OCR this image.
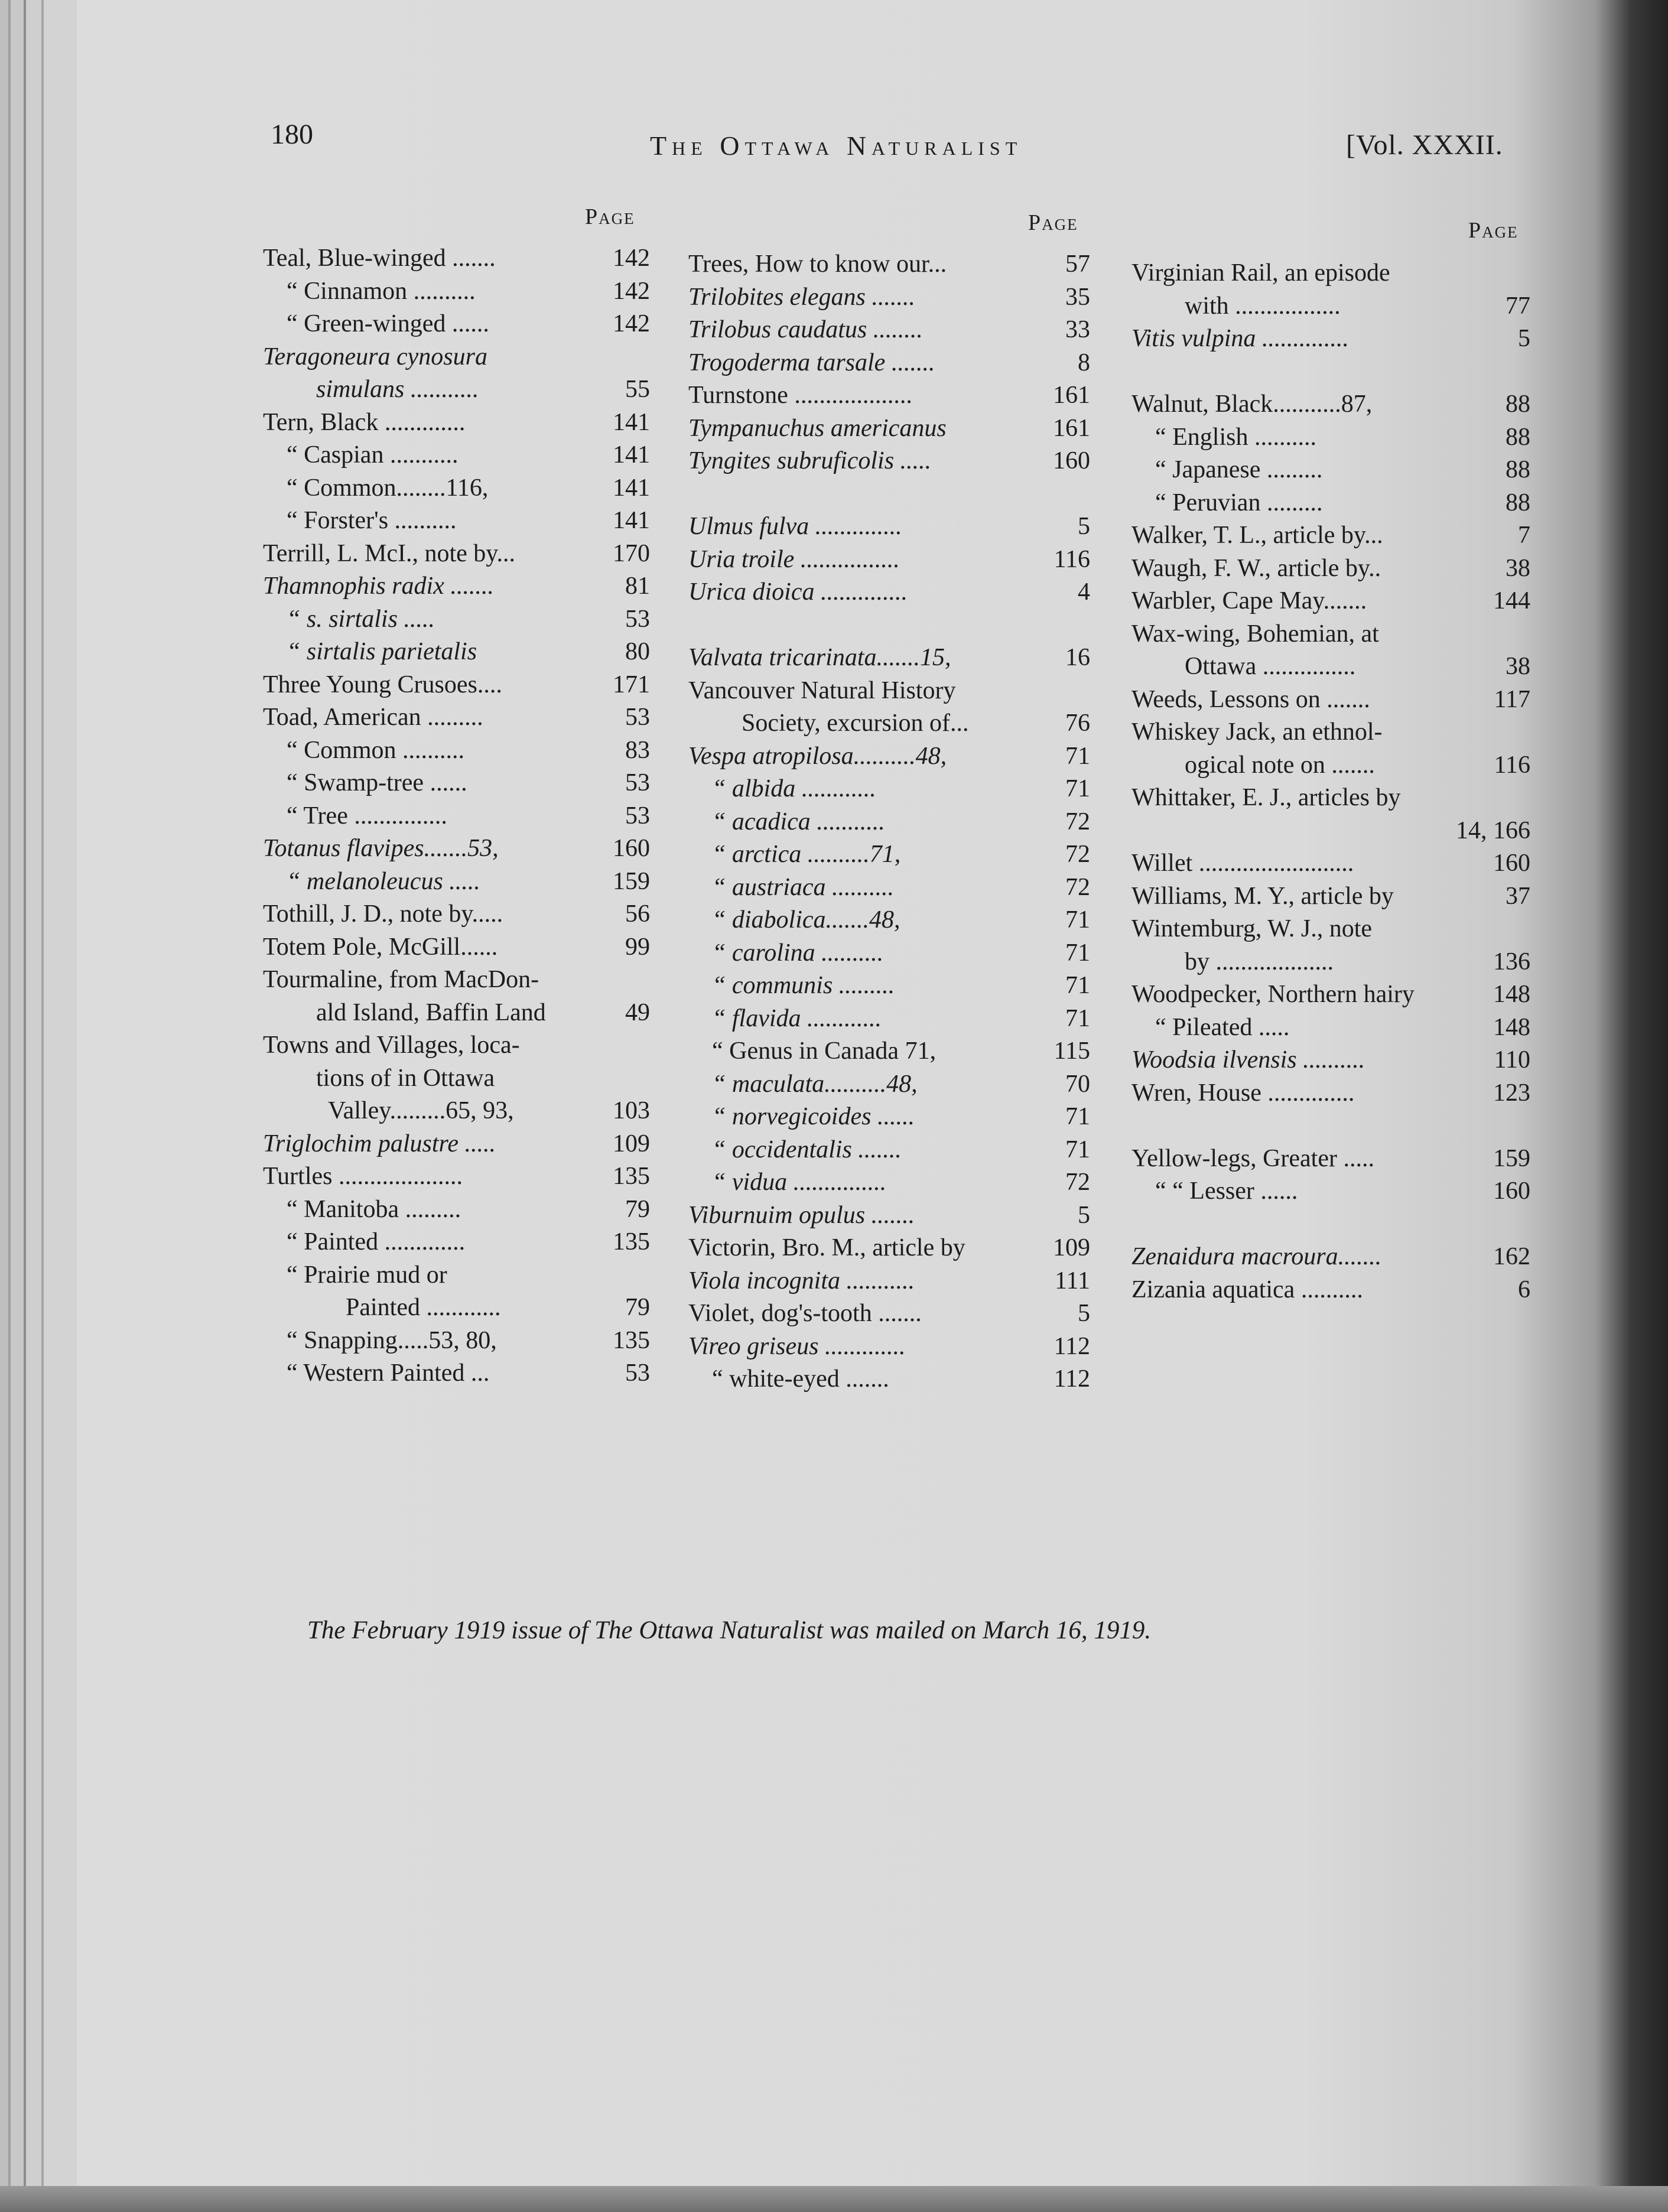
180	The Ottawa Naturalist	[Vol. XXXII.
Page	Page	Page
Teal, Blue-winged .......	142
“ Cinnamon ..........	142
“ Green-winged ......	142
Teragoneura cynosura
simulans ...........	55
Tern, Black .............	141
“ Caspian ...........	141
“ Common........116,	141
“ Forster's ..........	141
Terrill, L. McI., note by...	170
Thamnophis radix .......	81
“ s. sirtalis .....	53
“ sirtalis parietalis	80
Three Young Crusoes....	171
Toad, American .........	53
“ Common ..........	83
“ Swamp-tree ......	53
“ Tree ...............	53
Totanus flavipes.......53,	160
“ melanoleucus .....	159
Tothill, J. D., note by.....	56
Totem Pole, McGill......	99
Tourmaline, from MacDon-
ald Island, Baffin Land	49
Towns and Villages, loca-
tions of in Ottawa
Valley.........65, 93,	103
Triglochim palustre .....	109
Turtles ....................	135
“ Manitoba .........	79
“ Painted .............	135
“ Prairie mud or
Painted ............	79
“ Snapping.....53, 80,	135
“ Western Painted ...	53
Trees, How to know our...	57
Trilobites elegans .......	35
Trilobus caudatus ........	33
Trogoderma tarsale .......	8
Turnstone ...................	161
Tympanuchus americanus	161
Tyngites subruficolis .....	160
Ulmus fulva ..............	5
Uria troile ................	116
Urica dioica ..............	4
Valvata tricarinata.......15,	16
Vancouver Natural History
Society, excursion of...	76
Vespa atropilosa..........48,	71
“ albida ............	71
“ acadica ...........	72
“ arctica ..........71,	72
“ austriaca ..........	72
“ diabolica.......48,	71
“ carolina ..........	71
“ communis .........	71
“ flavida ............	71
“ Genus in Canada 71,	115
“ maculata..........48,	70
“ norvegicoides ......	71
“ occidentalis .......	71
“ vidua ...............	72
Viburnuim opulus .......	5
Victorin, Bro. M., article by	109
Viola incognita ...........	111
Violet, dog's-tooth .......	5
Vireo griseus .............	112
“ white-eyed .......	112
Virginian Rail, an episode
with .................	77
Vitis vulpina ..............	5
Walnut, Black...........87,	88
“ English ..........	88
“ Japanese .........	88
“ Peruvian .........	88
Walker, T. L., article by...	7
Waugh, F. W., article by..	38
Warbler, Cape May.......	144
Wax-wing, Bohemian, at
Ottawa ...............	38
Weeds, Lessons on .......	117
Whiskey Jack, an ethnol-
ogical note on .......	116
Whittaker, E. J., articles by
14, 166
Willet .........................	160
Williams, M. Y., article by	37
Wintemburg, W. J., note
by ...................	136
Woodpecker, Northern hairy	148
“ Pileated .....	148
Woodsia ilvensis ..........	110
Wren, House ..............	123
Yellow-legs, Greater .....	159
“ “ Lesser ......	160
Zenaidura macroura.......	162
Zizania aquatica ..........	6
The February 1919 issue of The Ottawa Naturalist was mailed on March 16, 1919.
